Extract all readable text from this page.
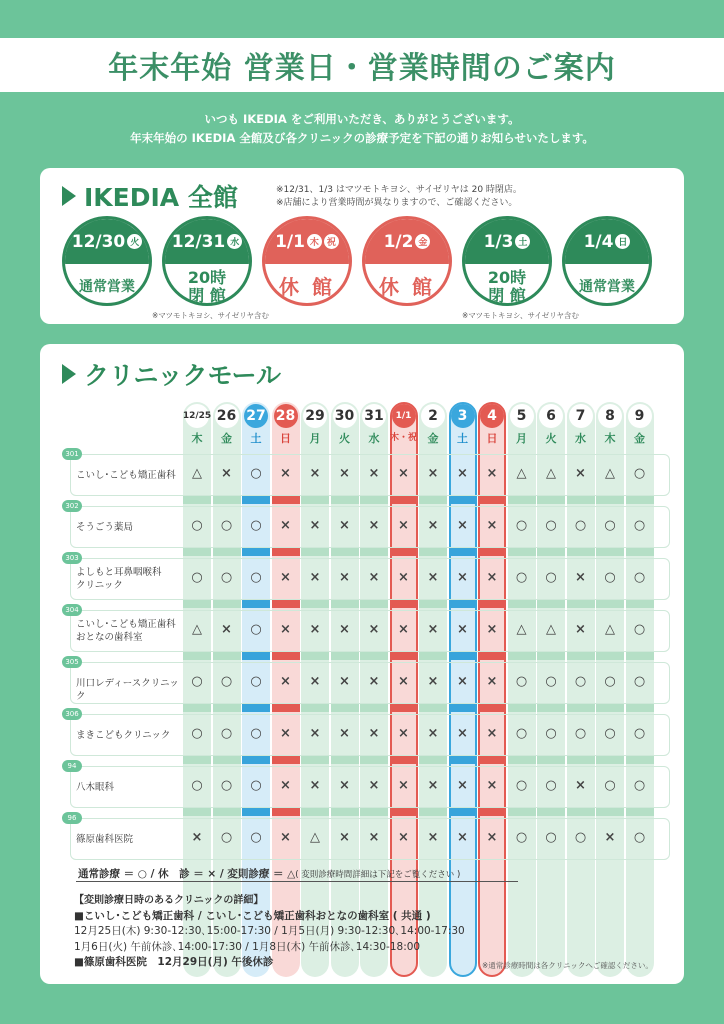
年末年始 営業日・営業時間のご案内
いつも IKEDIA をご利用いただき、ありがとうございます。
年末年始の IKEDIA 全館及び各クリニックの診療予定を下記の通りお知らせいたします。
IKEDIA 全館	※12/31、1/3 はマツモトキヨシ、サイゼリヤは 20 時閉店。
※店舗により営業時間が異なりますので、ご確認ください。
12/30 火
通常営業
12/31 水
20時
閉 館
1/1 木 祝
休 館
1/2 金
休 館
1/3 土
20時
閉 館
1/4 日
通常営業
※マツモトキヨシ、サイゼリヤ含む	※マツモトキヨシ、サイゼリヤ含む
クリニックモール
301
こいし･こども矯正歯科	△	×	○	×	×	×	×	×	×	×	×	△	△	×	△	○
302
そうごう薬局	○	○	○	×	×	×	×	×	×	×	×	○	○	○	○	○
303
よしもと耳鼻咽喉科
クリニック
○	○	○	×	×	×	×	×	×	×	×	○	○	×	○	○
304
こいし･こども矯正歯科
おとなの歯科室
△	×	○	×	×	×	×	×	×	×	×	△	△	×	△	○
305
川口レディースクリニック
○	○	○	×	×	×	×	×	×	×	×	○	○	○	○	○
306
まきこどもクリニック	○	○	○	×	×	×	×	×	×	×	×	○	○	○	○	○
94
八木眼科	○	○	○	×	×	×	×	×	×	×	×	○	○	×	○	○
96
篠原歯科医院	×	○	○	×	△	×	×	×	×	×	×	○	○	○	×	○
12/25
木
26
金
27
土
28
日
29
月
30
火
31
水
1/1
木・祝
2
金
3
土
4
日
5
月
6
火
7
水
8
木
9
金
通常診療 ＝ ○ / 休　診 ＝ × / 変則診療 ＝ △( 変則診療時間詳細は下記をご覧ください )
【変則診療日時のあるクリニックの詳細】
■こいし･こども矯正歯科 / こいし･こども矯正歯科おとなの歯科室 ( 共通 )
12月25日(木) 9:30-12:30､15:00-17:30 / 1月5日(月) 9:30-12:30､14:00-17:30
1月6日(火) 午前休診､14:00-17:30 / 1月8日(木) 午前休診､14:30-18:00
■篠原歯科医院　12月29日(月) 午後休診	※通常診療時間は各クリニックへご確認ください。
